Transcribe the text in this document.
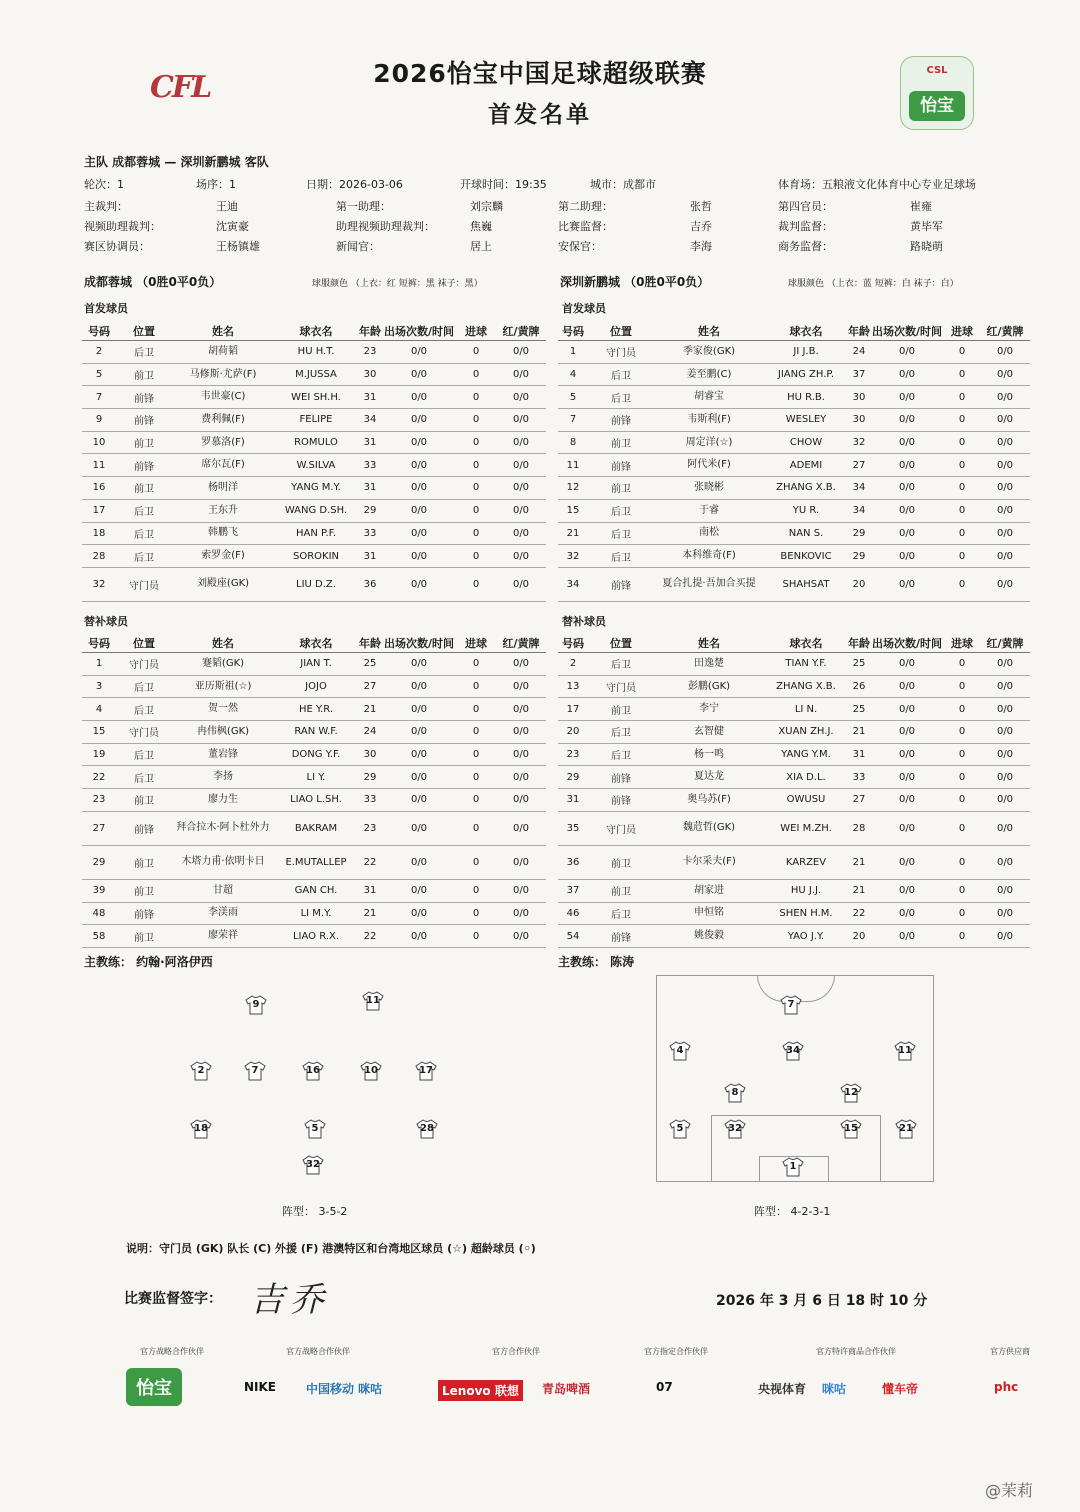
CFL	2026怡宝中国足球超级联赛
首发名单
CSL
怡宝
主队 成都蓉城 — 深圳新鹏城 客队
轮次：1	场序：1	日期：2026-03-06	开球时间：19:35	城市：成都市	体育场：五粮液文化体育中心专业足球场
主裁判：	王迪	第一助理：	刘宗麟	第二助理：	张哲	第四官员：	崔雍
视频助理裁判：	沈寅豪	助理视频助理裁判：	焦巍	比赛监督：	吉乔	裁判监督：	黄毕军
赛区协调员：	王杨镇雄	新闻官：	居上	安保官：	李海	商务监督：	路晓萌
成都蓉城 （0胜0平0负）	球服颜色 （上衣：红 短裤：黑 袜子：黑）	深圳新鹏城 （0胜0平0负）	球服颜色 （上衣：蓝 短裤：白 袜子：白）
首发球员	首发球员
替补球员	替补球员
号码	位置	姓名	球衣名	年龄	出场次数/时间	进球	红/黄牌
2	后卫	胡荷韬	HU H.T.	23	0/0	0	0/0
5	前卫	马修斯·尤萨(F)	M.JUSSA	30	0/0	0	0/0
7	前锋	韦世豪(C)	WEI SH.H.	31	0/0	0	0/0
9	前锋	费利佩(F)	FELIPE	34	0/0	0	0/0
10	前卫	罗慕洛(F)	ROMULO	31	0/0	0	0/0
11	前锋	席尔瓦(F)	W.SILVA	33	0/0	0	0/0
16	前卫	杨明洋	YANG M.Y.	31	0/0	0	0/0
17	后卫	王东升	WANG D.SH.	29	0/0	0	0/0
18	后卫	韩鹏飞	HAN P.F.	33	0/0	0	0/0
28	后卫	索罗金(F)	SOROKIN	31	0/0	0	0/0
32	守门员	刘殿座(GK)	LIU D.Z.	36	0/0	0	0/0
号码	位置	姓名	球衣名	年龄	出场次数/时间	进球	红/黄牌
1	守门员	季家俊(GK)	JI J.B.	24	0/0	0	0/0
4	后卫	姜至鹏(C)	JIANG ZH.P.	37	0/0	0	0/0
5	后卫	胡睿宝	HU R.B.	30	0/0	0	0/0
7	前锋	韦斯利(F)	WESLEY	30	0/0	0	0/0
8	前卫	周定洋(☆)	CHOW	32	0/0	0	0/0
11	前锋	阿代米(F)	ADEMI	27	0/0	0	0/0
12	前卫	张晓彬	ZHANG X.B.	34	0/0	0	0/0
15	后卫	于睿	YU R.	34	0/0	0	0/0
21	后卫	南松	NAN S.	29	0/0	0	0/0
32	后卫	本科维奇(F)	BENKOVIC	29	0/0	0	0/0
34	前锋	夏合扎提·吾加合买提	SHAHSAT	20	0/0	0	0/0
号码	位置	姓名	球衣名	年龄	出场次数/时间	进球	红/黄牌
1	守门员	蹇韬(GK)	JIAN T.	25	0/0	0	0/0
3	后卫	亚历斯祖(☆)	JOJO	27	0/0	0	0/0
4	后卫	贺一然	HE Y.R.	21	0/0	0	0/0
15	守门员	冉伟枫(GK)	RAN W.F.	24	0/0	0	0/0
19	后卫	董岩锋	DONG Y.F.	30	0/0	0	0/0
22	后卫	李扬	LI Y.	29	0/0	0	0/0
23	前卫	廖力生	LIAO L.SH.	33	0/0	0	0/0
27	前锋	拜合拉木·阿卜杜外力	BAKRAM	23	0/0	0	0/0
29	前卫	木塔力甫·依明卡日	E.MUTALLEP	22	0/0	0	0/0
39	前卫	甘超	GAN CH.	31	0/0	0	0/0
48	前锋	李渼雨	LI M.Y.	21	0/0	0	0/0
58	前卫	廖荣祥	LIAO R.X.	22	0/0	0	0/0
号码	位置	姓名	球衣名	年龄	出场次数/时间	进球	红/黄牌
2	后卫	田逸楚	TIAN Y.F.	25	0/0	0	0/0
13	守门员	彭鹏(GK)	ZHANG X.B.	26	0/0	0	0/0
17	前卫	李宁	LI N.	25	0/0	0	0/0
20	后卫	玄智健	XUAN ZH.J.	21	0/0	0	0/0
23	后卫	杨一鸣	YANG Y.M.	31	0/0	0	0/0
29	前锋	夏达龙	XIA D.L.	33	0/0	0	0/0
31	前锋	奥乌苏(F)	OWUSU	27	0/0	0	0/0
35	守门员	魏苊哲(GK)	WEI M.ZH.	28	0/0	0	0/0
36	前卫	卡尔采夫(F)	KARZEV	21	0/0	0	0/0
37	前卫	胡家进	HU J.J.	21	0/0	0	0/0
46	后卫	申恒铭	SHEN H.M.	22	0/0	0	0/0
54	前锋	姚俊毅	YAO J.Y.	20	0/0	0	0/0
主教练： 约翰·阿洛伊西	主教练： 陈涛
9	11
2	7	16	10	17
18	5	28
32
7
4	34	11
8	12
5	32	15	21
1
阵型： 3-5-2	阵型： 4-2-3-1
说明：守门员 (GK) 队长 (C) 外援 (F) 港澳特区和台湾地区球员 (☆) 超龄球员 (◦)
比赛监督签字： 吉乔	2026 年 3 月 6 日 18 时 10 分
官方战略合作伙伴	官方战略合作伙伴	官方合作伙伴	官方指定合作伙伴	官方特许商品合作伙伴	官方供应商
怡宝	NIKE 中国移动 咪咕	Lenovo 联想	青岛啤酒	07	央视体育 咪咕	懂车帝	phc
@茉莉
